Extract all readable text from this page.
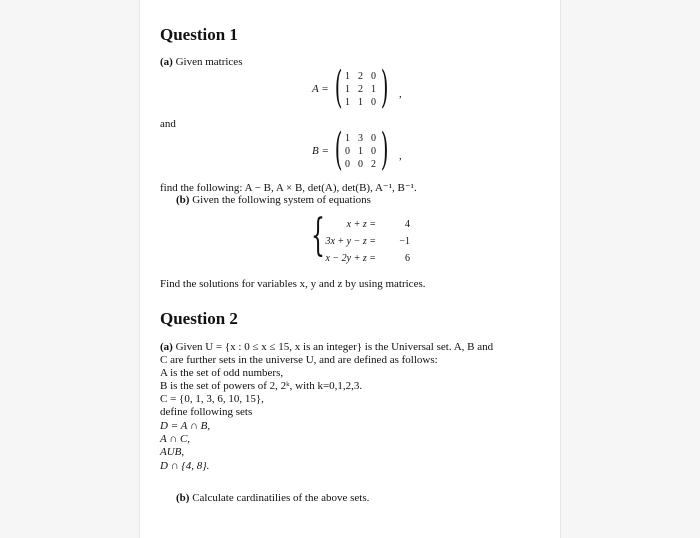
Question 1
(a) Given matrices
A = ( 1 2 0
1 2 1
1 1 0 ) ,
and
B = ( 1 3 0
0 1 0
0 0 2 ) ,
find the following: A − B, A × B, det(A), det(B), A⁻¹, B⁻¹.
(b) Given the following system of equations
{	x + z =	4
3x + y − z =	−1
x − 2y + z =	6
Find the solutions for variables x, y and z by using matrices.
Question 2
(a) Given U = {x : 0 ≤ x ≤ 15, x is an integer} is the Universal set. A, B and
C are further sets in the universe U, and are defined as follows:
A is the set of odd numbers,
B is the set of powers of 2, 2ᵏ, with k=0,1,2,3.
C = {0, 1, 3, 6, 10, 15},
define following sets
D = A ∩ B,
A ∩ C,
AUB,
D ∩ {4, 8}.
(b) Calculate cardinatilies of the above sets.
